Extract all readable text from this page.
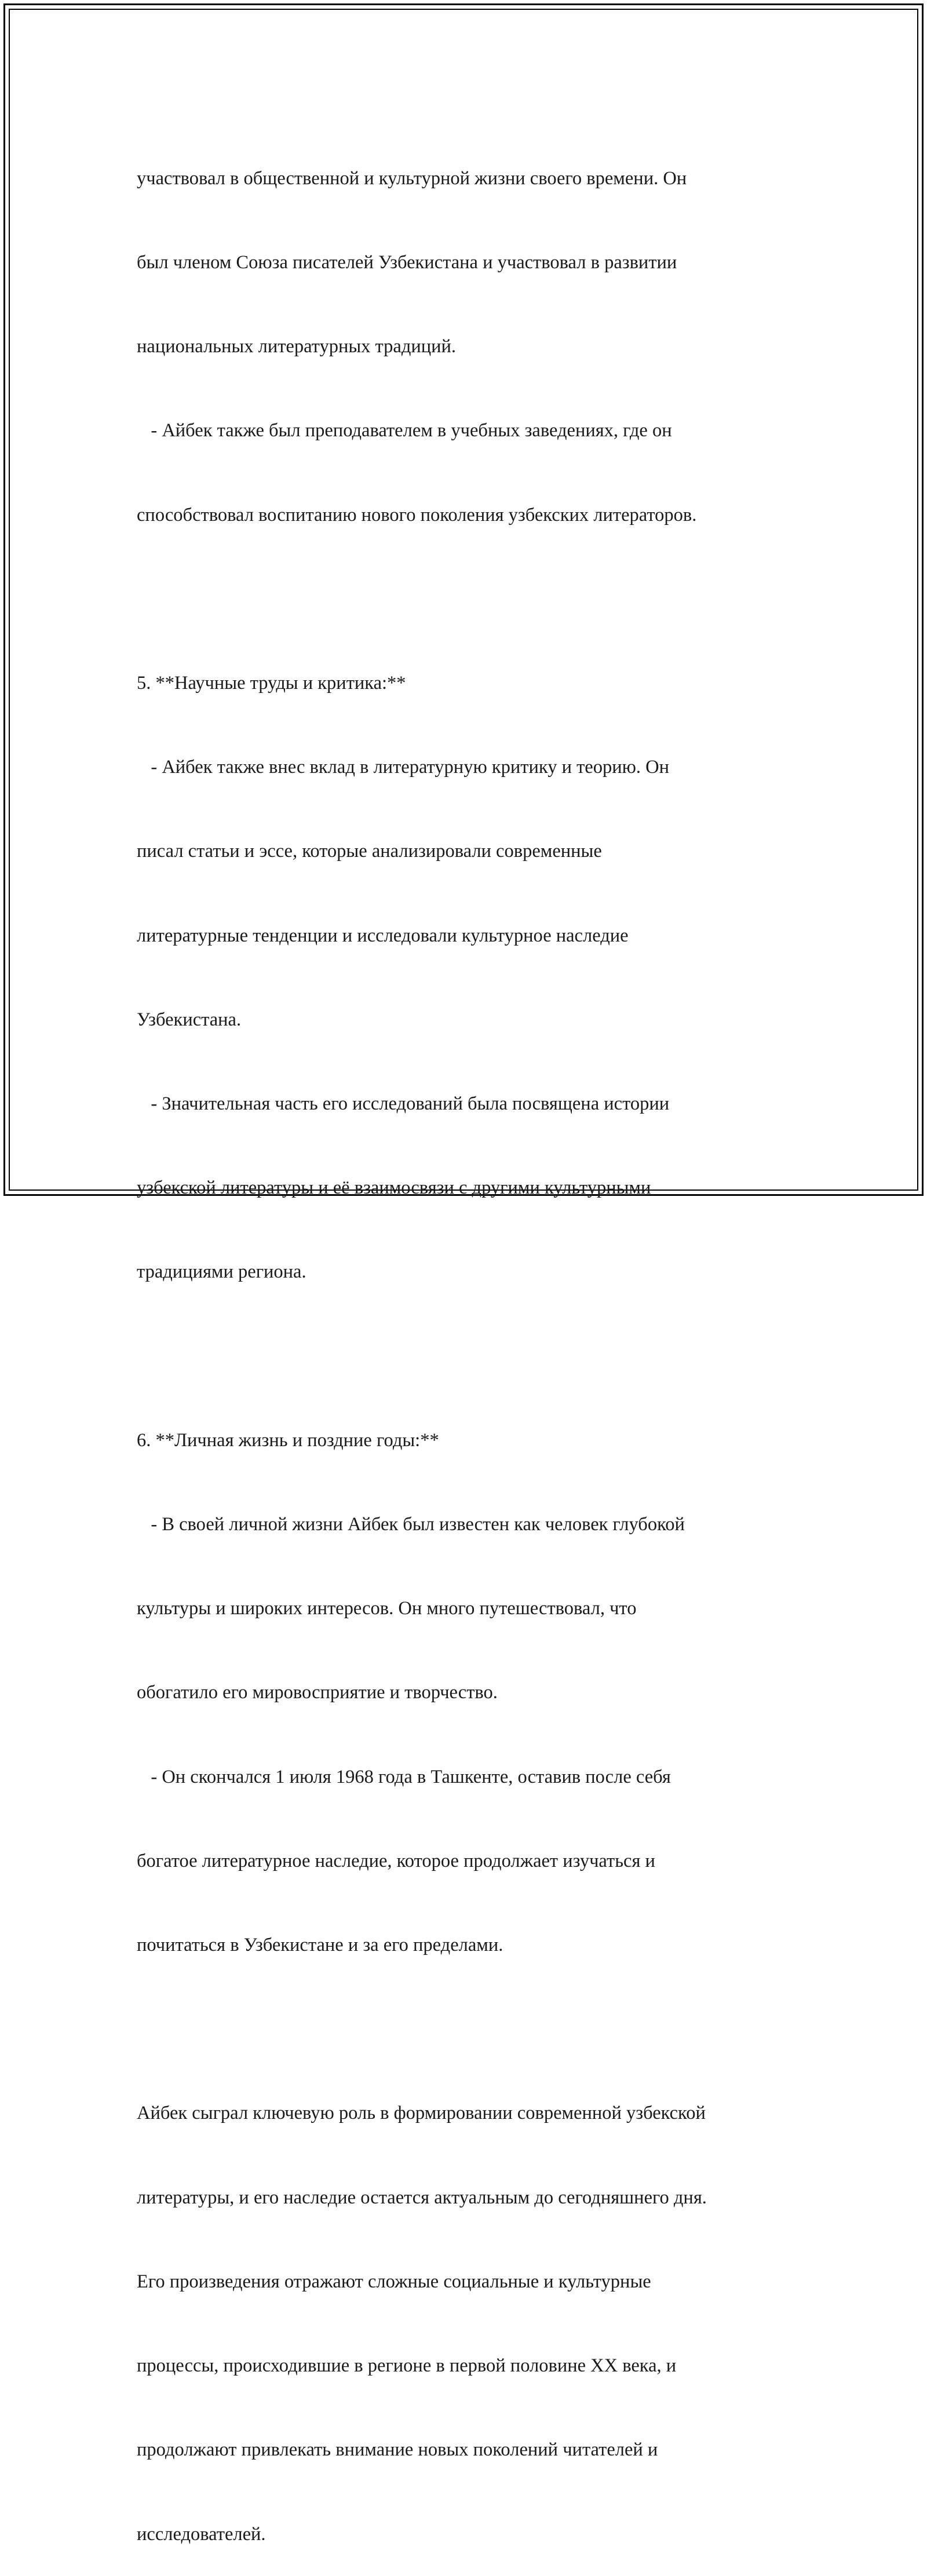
участвовал в общественной и культурной жизни своего времени. Он

был членом Союза писателей Узбекистана и участвовал в развитии

национальных литературных традиций.

- Айбек также был преподавателем в учебных заведениях, где он

способствовал воспитанию нового поколения узбекских литераторов.

5. **Научные труды и критика:**

- Айбек также внес вклад в литературную критику и теорию. Он

писал статьи и эссе, которые анализировали современные

литературные тенденции и исследовали культурное наследие

Узбекистана.

- Значительная часть его исследований была посвящена истории

узбекской литературы и её взаимосвязи с другими культурными

традициями региона.

6. **Личная жизнь и поздние годы:**

- В своей личной жизни Айбек был известен как человек глубокой

культуры и широких интересов. Он много путешествовал, что

обогатило его мировосприятие и творчество.

- Он скончался 1 июля 1968 года в Ташкенте, оставив после себя

богатое литературное наследие, которое продолжает изучаться и

почитаться в Узбекистане и за его пределами.

Айбек сыграл ключевую роль в формировании современной узбекской

литературы, и его наследие остается актуальным до сегодняшнего дня.

Его произведения отражают сложные социальные и культурные

процессы, происходившие в регионе в первой половине XX века, и

продолжают привлекать внимание новых поколений читателей и

исследователей.
